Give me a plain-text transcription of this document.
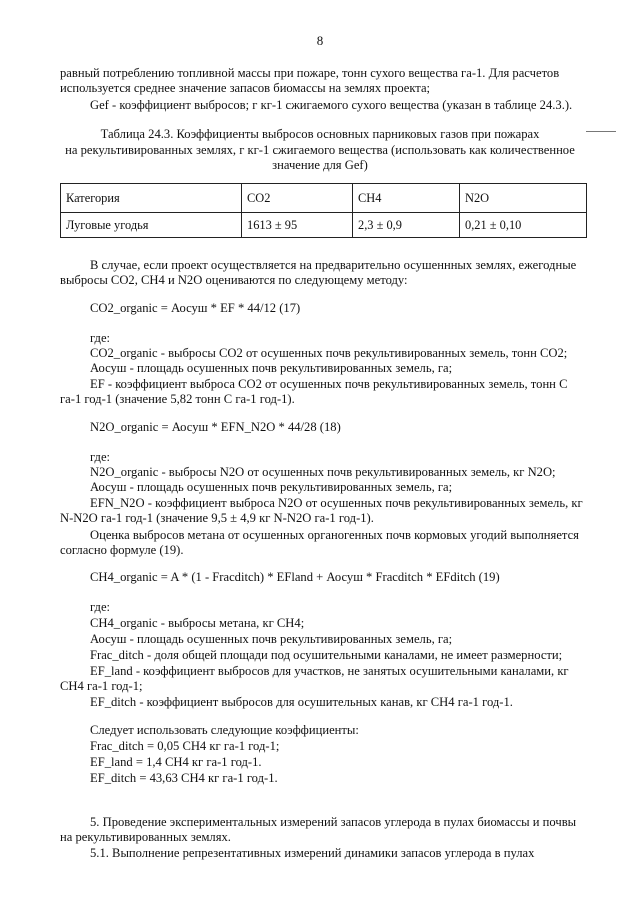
8
равный потреблению топливной массы при пожаре, тонн сухого вещества га-1. Для расчетов
используется среднее значение запасов биомассы на землях проекта;
Gef - коэффициент выбросов; г кг-1 сжигаемого сухого вещества (указан в таблице 24.3.).
Таблица 24.3. Коэффициенты выбросов основных парниковых газов при пожарах
на рекультивированных землях, г кг-1 сжигаемого вещества (использовать как количественное
значение для Gef)
Категория	CO2	CH4	N2O
Луговые угодья	1613 ± 95	2,3 ± 0,9	0,21 ± 0,10
В случае, если проект осуществляется на предварительно осушеннных землях, ежегодные
выбросы CO2, CH4 и N2O оцениваются по следующему методу:
CO2_organic = Аосуш * EF * 44/12 (17)
где:
CO2_organic - выбросы CO2 от осушенных почв рекультивированных земель, тонн CO2;
Аосуш - площадь осушенных почв рекультивированных земель, га;
EF - коэффициент выброса CO2 от осушенных почв рекультивированных земель, тонн C
га-1 год-1 (значение 5,82 тонн C га-1 год-1).
N2O_organic = Аосуш * EFN_N2O * 44/28 (18)
где:
N2O_organic - выбросы N2O от осушенных почв рекультивированных земель, кг N2O;
Аосуш - площадь осушенных почв рекультивированных земель, га;
EFN_N2O - коэффициент выброса N2O от осушенных почв рекультивированных земель, кг
N-N2O га-1 год-1 (значение 9,5 ± 4,9 кг N-N2O га-1 год-1).
Оценка выбросов метана от осушенных органогенных почв кормовых угодий выполняется
согласно формуле (19).
CH4_organic = A * (1 - Fracditch) * EFland + Аосуш * Fracditch * EFditch (19)
где:
CH4_organic - выбросы метана, кг CH4;
Аосуш - площадь осушенных почв рекультивированных земель, га;
Frac_ditch - доля общей площади под осушительными каналами, не имеет размерности;
EF_land - коэффициент выбросов для участков, не занятых осушительными каналами, кг
CH4 га-1 год-1;
EF_ditch - коэффициент выбросов для осушительных канав, кг CH4 га-1 год-1.
Следует использовать следующие коэффициенты:
Frac_ditch = 0,05 CH4 кг га-1 год-1;
EF_land = 1,4 CH4 кг га-1 год-1.
EF_ditch = 43,63 CH4 кг га-1 год-1.
5. Проведение экспериментальных измерений запасов углерода в пулах биомассы и почвы
на рекультивированных землях.
5.1. Выполнение репрезентативных измерений динамики запасов углерода в пулах
